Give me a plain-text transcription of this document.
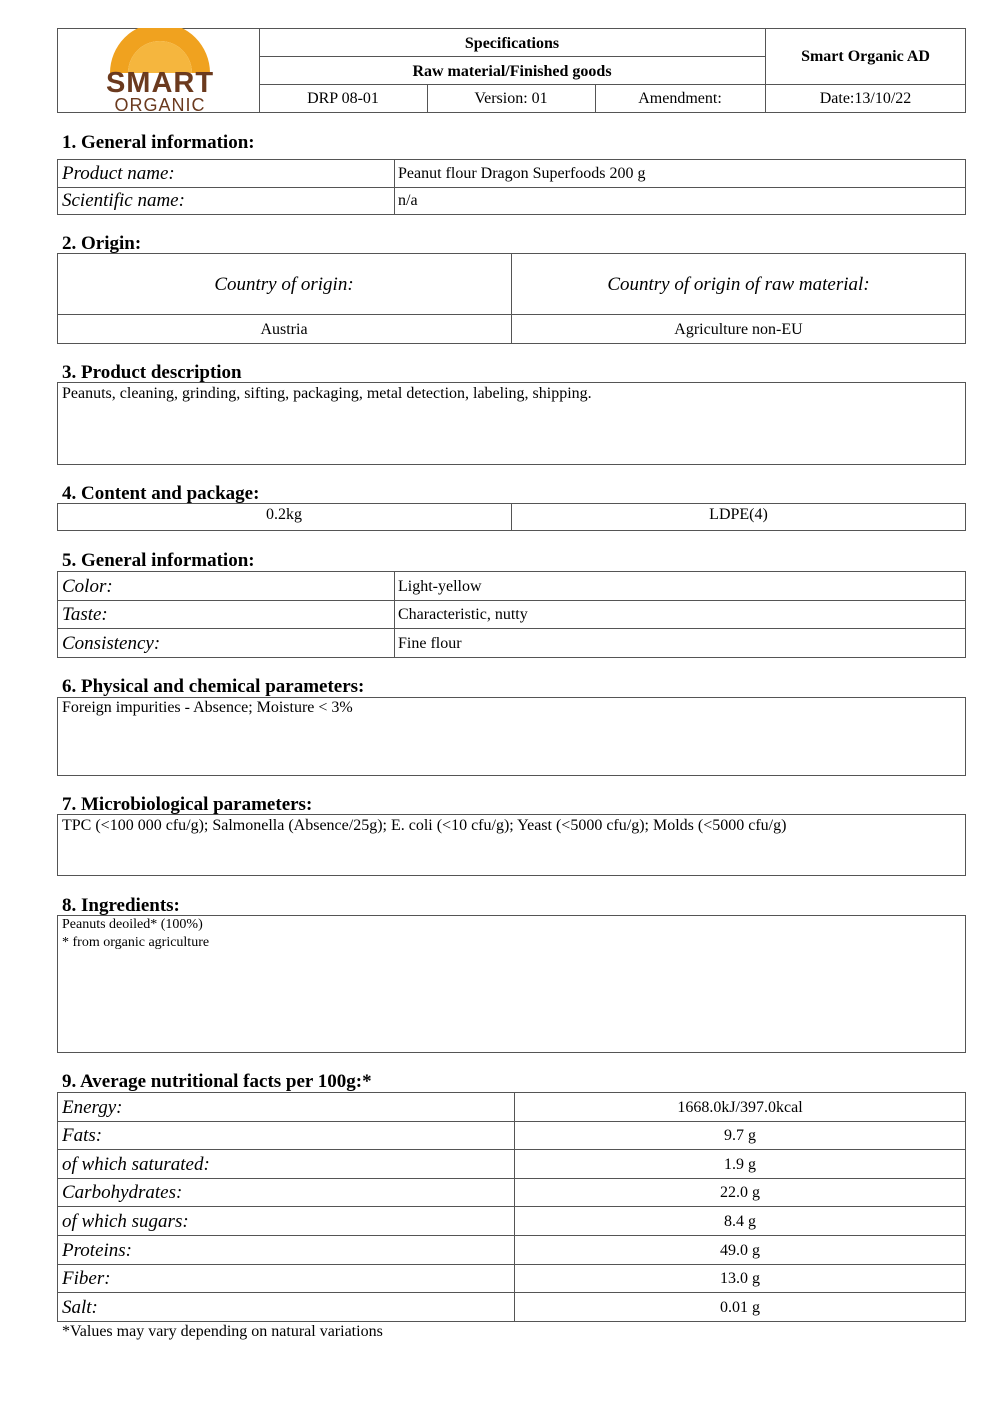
SMART
ORGANIC
Specifications
Raw material/Finished goods
Smart Organic AD
DRP 08-01	Version: 01	Amendment:	Date:13/10/22
1. General information:
Product name:	Peanut flour Dragon Superfoods 200 g
Scientific name:	n/a
2. Origin:
Country of origin:	Country of origin of raw material:
Austria	Agriculture non-EU
3. Product description
Peanuts, cleaning, grinding, sifting, packaging, metal detection, labeling, shipping.
4. Content and package:
0.2kg	LDPE(4)
5. General information:
Color:	Light-yellow
Taste:	Characteristic, nutty
Consistency:	Fine flour
6. Physical and chemical parameters:
Foreign impurities - Absence; Moisture < 3%
7. Microbiological parameters:
TPC (<100 000 cfu/g); Salmonella (Absence/25g); E. coli (<10 cfu/g); Yeast (<5000 cfu/g); Molds (<5000 cfu/g)
8. Ingredients:
Peanuts deoiled* (100%)
* from organic agriculture
9. Average nutritional facts per 100g:*
Energy:	1668.0kJ/397.0kcal
Fats:	9.7 g
of which saturated:	1.9 g
Carbohydrates:	22.0 g
of which sugars:	8.4 g
Proteins:	49.0 g
Fiber:	13.0 g
Salt:	0.01 g
*Values may vary depending on natural variations
